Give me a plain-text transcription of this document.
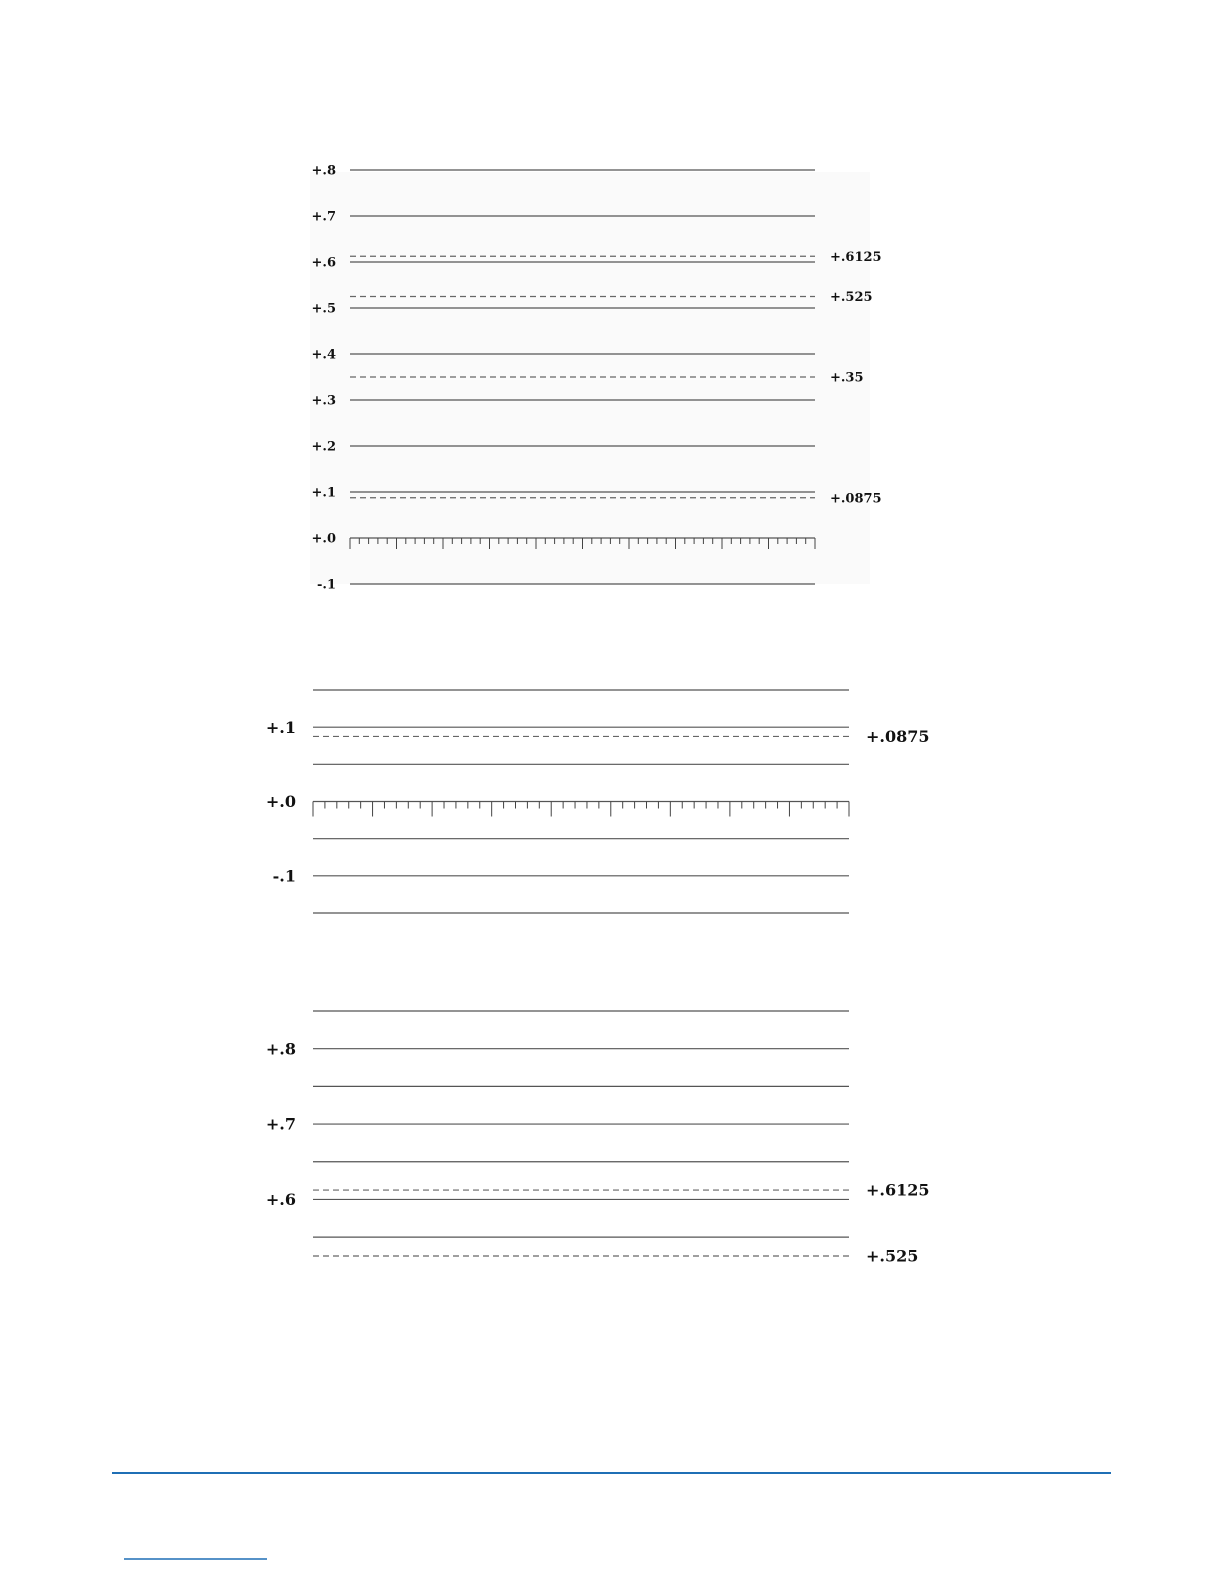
+.6125
+.525
+.35
+.0875
+.8
+.7
+.6
+.5
+.4
+.3
+.2
+.1
+.0
-.1
+.0875
+.1
+.0
-.1
+.6125
+.525
+.8
+.7
+.6
